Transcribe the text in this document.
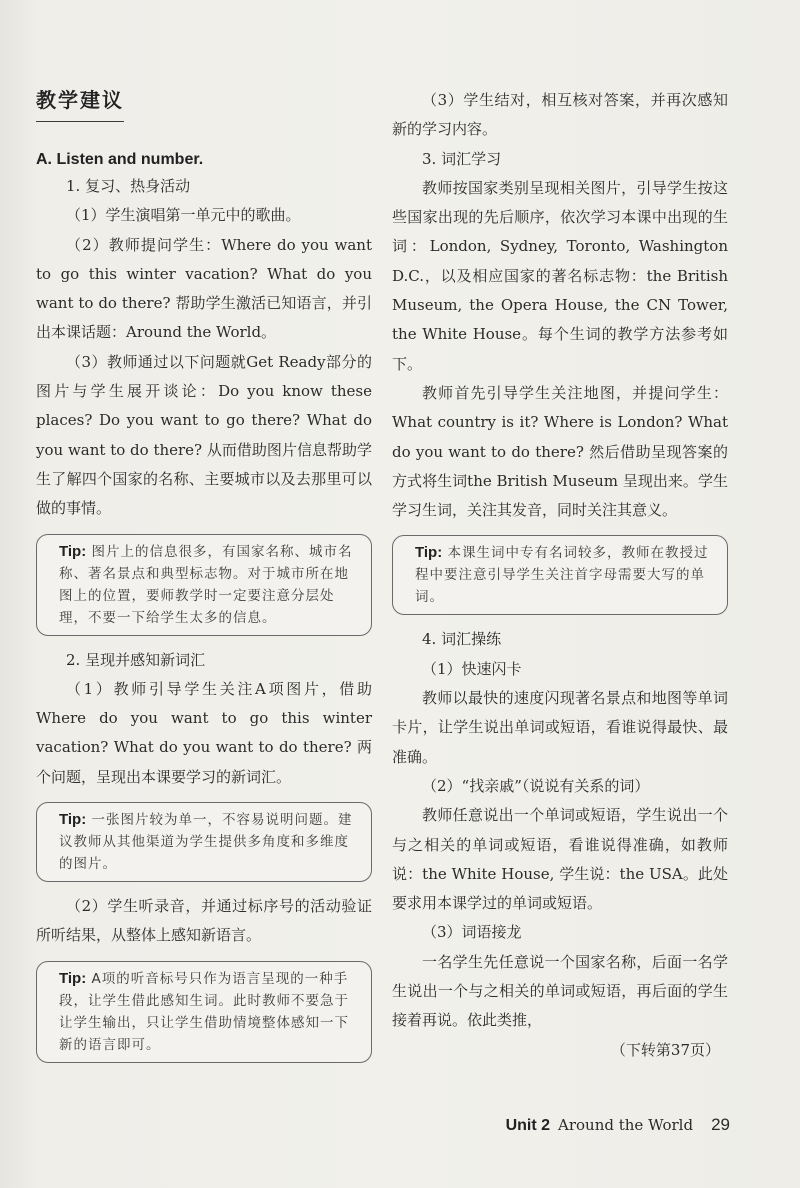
教学建议
A. Listen and number.

1. 复习、热身活动

（1）学生演唱第一单元中的歌曲。

（2）教师提问学生：Where do you want to go this winter vacation? What do you want to do there? 帮助学生激活已知语言，并引出本课话题：Around the World。

（3）教师通过以下问题就Get Ready部分的图片与学生展开谈论：Do you know these places? Do you want to go there? What do you want to do there? 从而借助图片信息帮助学生了解四个国家的名称、主要城市以及去那里可以做的事情。

Tip: 图片上的信息很多，有国家名称、城市名称、著名景点和典型标志物。对于城市所在地图上的位置，要师教学时一定要注意分层处理，不要一下给学生太多的信息。

2. 呈现并感知新词汇

（1）教师引导学生关注A项图片，借助Where do you want to go this winter vacation? What do you want to do there? 两个问题，呈现出本课要学习的新词汇。

Tip: 一张图片较为单一，不容易说明问题。建议教师从其他渠道为学生提供多角度和多维度的图片。

（2）学生听录音，并通过标序号的活动验证所听结果，从整体上感知新语言。

Tip: A项的听音标号只作为语言呈现的一种手段，让学生借此感知生词。此时教师不要急于让学生输出，只让学生借助情境整体感知一下新的语言即可。

（3）学生结对，相互核对答案，并再次感知新的学习内容。

3. 词汇学习

教师按国家类别呈现相关图片，引导学生按这些国家出现的先后顺序，依次学习本课中出现的生词：London, Sydney, Toronto, Washington D.C.，以及相应国家的著名标志物：the British Museum, the Opera House, the CN Tower, the White House。每个生词的教学方法参考如下。

教师首先引导学生关注地图，并提问学生：What country is it? Where is London? What do you want to do there? 然后借助呈现答案的方式将生词the British Museum 呈现出来。学生学习生词，关注其发音，同时关注其意义。

Tip: 本课生词中专有名词较多，教师在教授过程中要注意引导学生关注首字母需要大写的单词。

4. 词汇操练

（1）快速闪卡

教师以最快的速度闪现著名景点和地图等单词卡片，让学生说出单词或短语，看谁说得最快、最准确。

（2）“找亲戚”（说说有关系的词）

教师任意说出一个单词或短语，学生说出一个与之相关的单词或短语，看谁说得准确，如教师说：the White House, 学生说：the USA。此处要求用本课学过的单词或短语。

（3）词语接龙

一名学生先任意说一个国家名称，后面一名学生说出一个与之相关的单词或短语，再后面的学生接着再说。依此类推，

（下转第37页）

Unit 2 Around the World 29
